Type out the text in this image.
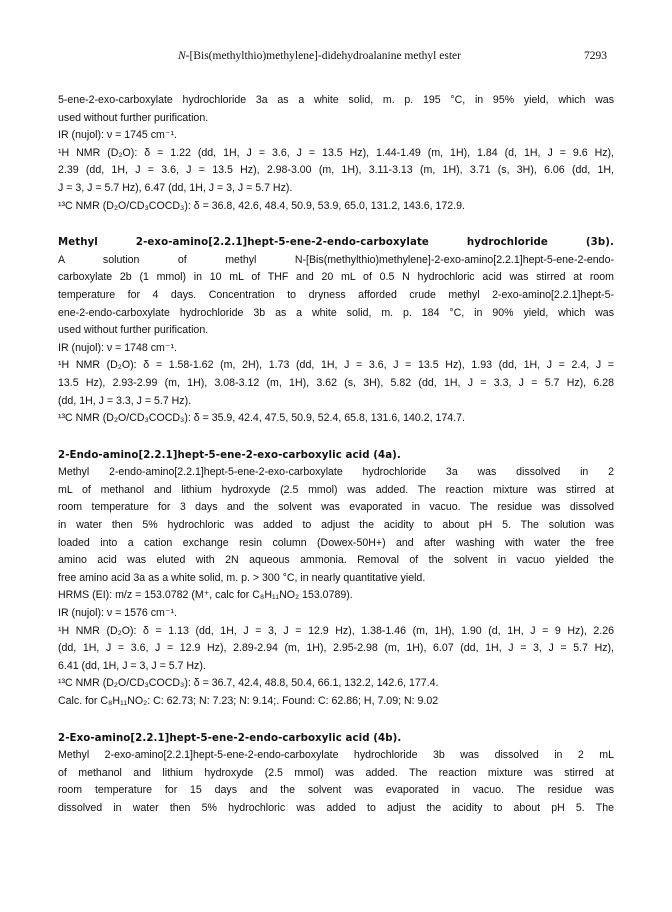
N-[Bis(methylthio)methylene]-didehydroalanine methyl ester	7293
5-ene-2-exo-carboxylate hydrochloride 3a as a white solid, m. p. 195 °C, in 95% yield, which was
used without further purification.
IR (nujol): ν = 1745 cm⁻¹.
¹H NMR (D₂O): δ = 1.22 (dd, 1H, J = 3.6, J = 13.5 Hz), 1.44-1.49 (m, 1H), 1.84 (d, 1H, J = 9.6 Hz),
2.39 (dd, 1H, J = 3.6, J = 13.5 Hz), 2.98-3.00 (m, 1H), 3.11-3.13 (m, 1H), 3.71 (s, 3H), 6.06 (dd, 1H,
J = 3, J = 5.7 Hz), 6.47 (dd, 1H, J = 3, J = 5.7 Hz).
¹³C NMR (D₂O/CD₃COCD₃): δ = 36.8, 42.6, 48.4, 50.9, 53.9, 65.0, 131.2, 143.6, 172.9.
Methyl 2-exo-amino[2.2.1]hept-5-ene-2-endo-carboxylate hydrochloride (3b).
A solution of methyl N-[Bis(methylthio)methylene]-2-exo-amino[2.2.1]hept-5-ene-2-endo-
carboxylate 2b (1 mmol) in 10 mL of THF and 20 mL of 0.5 N hydrochloric acid was stirred at room
temperature for 4 days. Concentration to dryness afforded crude methyl 2-exo-amino[2.2.1]hept-5-
ene-2-endo-carboxylate hydrochloride 3b as a white solid, m. p. 184 °C, in 90% yield, which was
used without further purification.
IR (nujol): ν = 1748 cm⁻¹.
¹H NMR (D₂O): δ = 1.58-1.62 (m, 2H), 1.73 (dd, 1H, J = 3.6, J = 13.5 Hz), 1.93 (dd, 1H, J = 2.4, J =
13.5 Hz), 2.93-2.99 (m, 1H), 3.08-3.12 (m, 1H), 3.62 (s, 3H), 5.82 (dd, 1H, J = 3.3, J = 5.7 Hz), 6.28
(dd, 1H, J = 3.3, J = 5.7 Hz).
¹³C NMR (D₂O/CD₃COCD₃): δ = 35.9, 42.4, 47.5, 50.9, 52.4, 65.8, 131.6, 140.2, 174.7.
2-Endo-amino[2.2.1]hept-5-ene-2-exo-carboxylic acid (4a).
Methyl 2-endo-amino[2.2.1]hept-5-ene-2-exo-carboxylate hydrochloride 3a was dissolved in 2
mL of methanol and lithium hydroxyde (2.5 mmol) was added. The reaction mixture was stirred at
room temperature for 3 days and the solvent was evaporated in vacuo. The residue was dissolved
in water then 5% hydrochloric was added to adjust the acidity to about pH 5. The solution was
loaded into a cation exchange resin column (Dowex-50H+) and after washing with water the free
amino acid was eluted with 2N aqueous ammonia. Removal of the solvent in vacuo yielded the
free amino acid 3a as a white solid, m. p. > 300 °C, in nearly quantitative yield.
HRMS (EI): m/z = 153.0782 (M⁺, calc for C₈H₁₁NO₂ 153.0789).
IR (nujol): ν = 1576 cm⁻¹.
¹H NMR (D₂O): δ = 1.13 (dd, 1H, J = 3, J = 12.9 Hz), 1.38-1.46 (m, 1H), 1.90 (d, 1H, J = 9 Hz), 2.26
(dd, 1H, J = 3.6, J = 12.9 Hz), 2.89-2.94 (m, 1H), 2.95-2.98 (m, 1H), 6.07 (dd, 1H, J = 3, J = 5.7 Hz),
6.41 (dd, 1H, J = 3, J = 5.7 Hz).
¹³C NMR (D₂O/CD₃COCD₃): δ = 36.7, 42.4, 48.8, 50.4, 66.1, 132.2, 142.6, 177.4.
Calc. for C₈H₁₁NO₂: C: 62.73; N: 7.23; N: 9.14;. Found: C: 62.86; H, 7.09; N: 9.02
2-Exo-amino[2.2.1]hept-5-ene-2-endo-carboxylic acid (4b).
Methyl 2-exo-amino[2.2.1]hept-5-ene-2-endo-carboxylate hydrochloride 3b was dissolved in 2 mL
of methanol and lithium hydroxyde (2.5 mmol) was added. The reaction mixture was stirred at
room temperature for 15 days and the solvent was evaporated in vacuo. The residue was
dissolved in water then 5% hydrochloric was added to adjust the acidity to about pH 5. The
